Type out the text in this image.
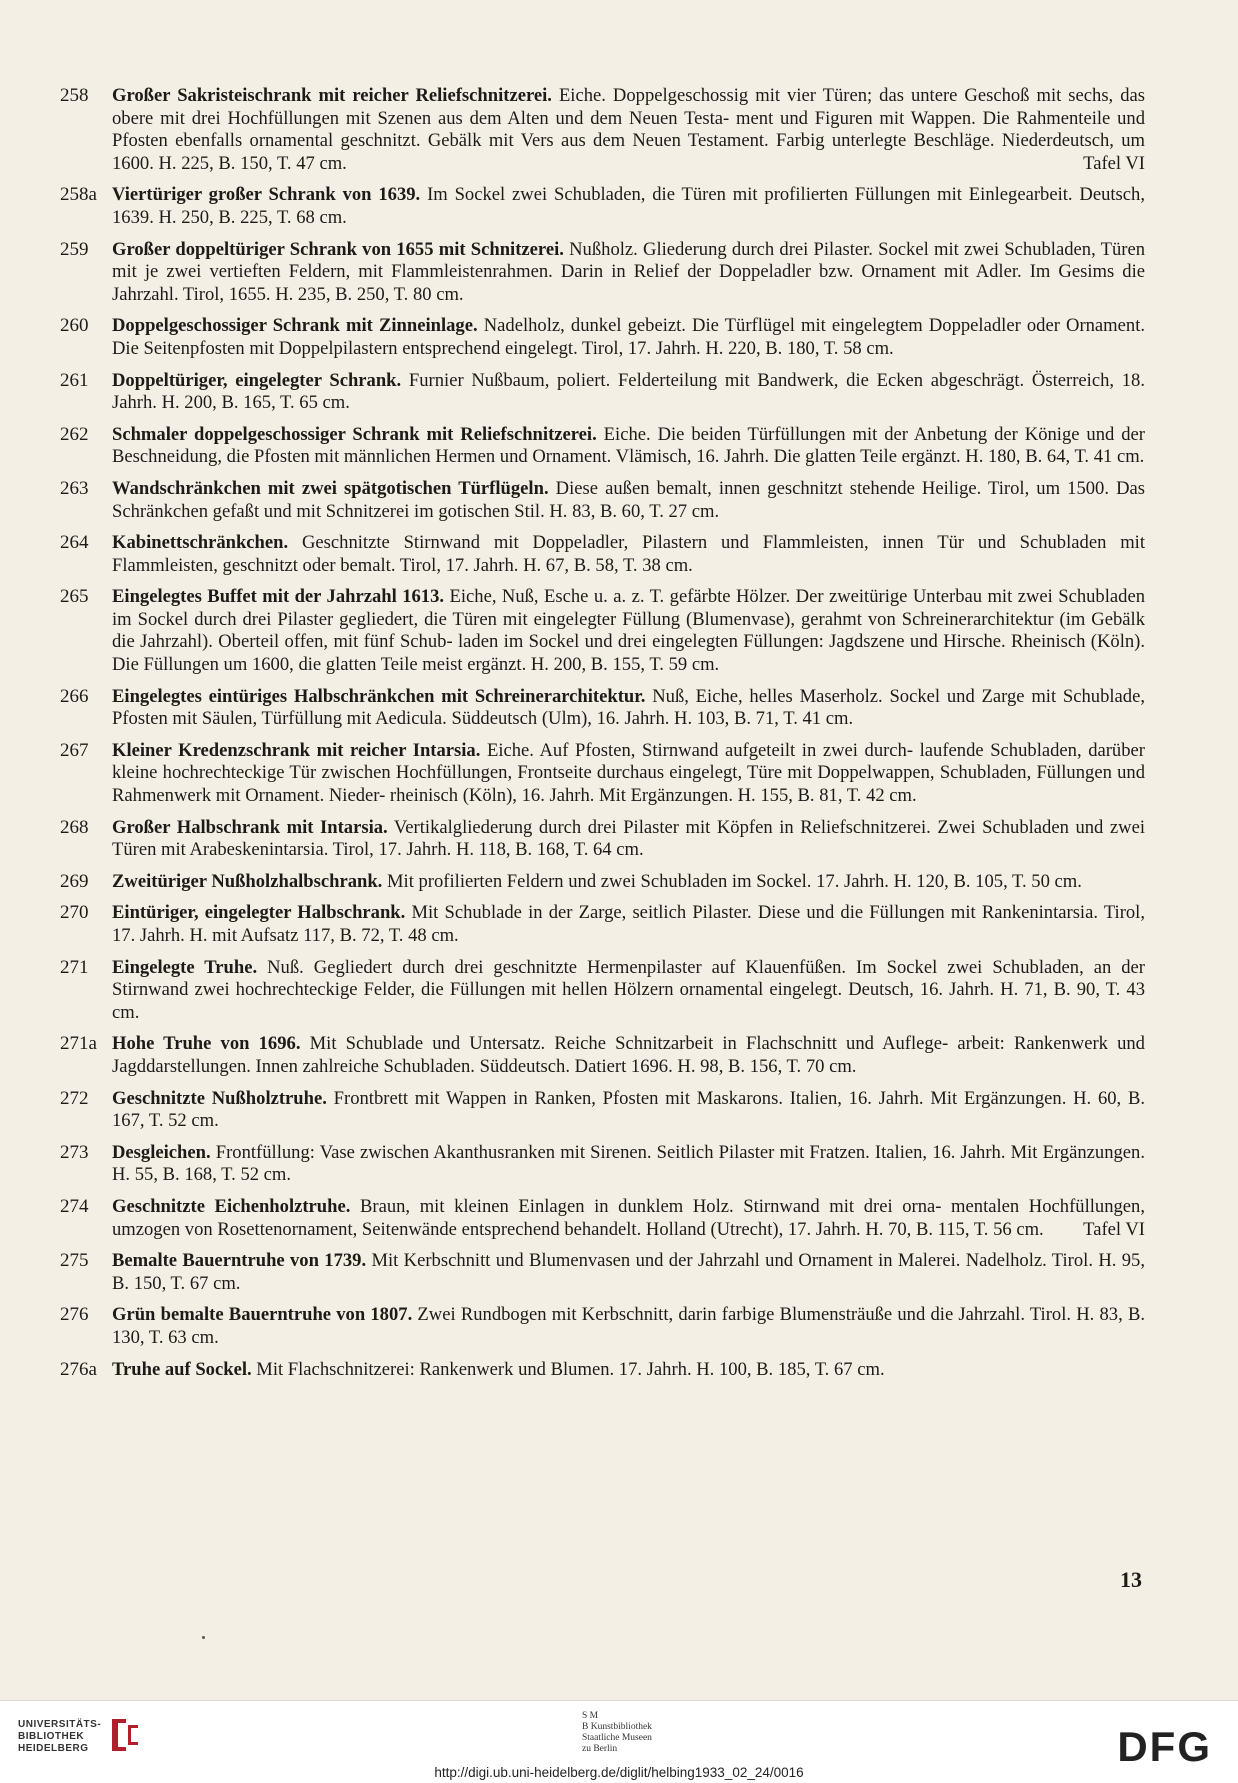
258	Großer Sakristeischrank mit reicher Reliefschnitzerei. Eiche. Doppelgeschossig mit vier Türen; das untere Geschoß mit sechs, das obere mit drei Hochfüllungen mit Szenen aus dem Alten und dem Neuen Testa- ment und Figuren mit Wappen. Die Rahmenteile und Pfosten ebenfalls ornamental geschnitzt. Gebälk mit Vers aus dem Neuen Testament. Farbig unterlegte Beschläge. Niederdeutsch, um 1600. H. 225, B. 150, T. 47 cm.	Tafel VI
258a Viertüriger großer Schrank von 1639. Im Sockel zwei Schubladen, die Türen mit profilierten Füllungen mit Einlegearbeit. Deutsch, 1639. H. 250, B. 225, T. 68 cm.
259	Großer doppeltüriger Schrank von 1655 mit Schnitzerei. Nußholz. Gliederung durch drei Pilaster. Sockel mit zwei Schubladen, Türen mit je zwei vertieften Feldern, mit Flammleistenrahmen. Darin in Relief der Doppeladler bzw. Ornament mit Adler. Im Gesims die Jahrzahl. Tirol, 1655. H. 235, B. 250, T. 80 cm.
260	Doppelgeschossiger Schrank mit Zinneinlage. Nadelholz, dunkel gebeizt. Die Türflügel mit eingelegtem Doppeladler oder Ornament. Die Seitenpfosten mit Doppelpilastern entsprechend eingelegt. Tirol, 17. Jahrh. H. 220, B. 180, T. 58 cm.
261	Doppeltüriger, eingelegter Schrank. Furnier Nußbaum, poliert. Felderteilung mit Bandwerk, die Ecken abgeschrägt. Österreich, 18. Jahrh. H. 200, B. 165, T. 65 cm.
262	Schmaler doppelgeschossiger Schrank mit Reliefschnitzerei. Eiche. Die beiden Türfüllungen mit der Anbetung der Könige und der Beschneidung, die Pfosten mit männlichen Hermen und Ornament. Vlämisch, 16. Jahrh. Die glatten Teile ergänzt. H. 180, B. 64, T. 41 cm.
263	Wandschränkchen mit zwei spätgotischen Türflügeln. Diese außen bemalt, innen geschnitzt stehende Heilige. Tirol, um 1500. Das Schränkchen gefaßt und mit Schnitzerei im gotischen Stil. H. 83, B. 60, T. 27 cm.
264	Kabinettschränkchen. Geschnitzte Stirnwand mit Doppeladler, Pilastern und Flammleisten, innen Tür und Schubladen mit Flammleisten, geschnitzt oder bemalt. Tirol, 17. Jahrh. H. 67, B. 58, T. 38 cm.
265	Eingelegtes Buffet mit der Jahrzahl 1613. Eiche, Nuß, Esche u. a. z. T. gefärbte Hölzer. Der zweitürige Unterbau mit zwei Schubladen im Sockel durch drei Pilaster gegliedert, die Türen mit eingelegter Füllung (Blumenvase), gerahmt von Schreinerarchitektur (im Gebälk die Jahrzahl). Oberteil offen, mit fünf Schub- laden im Sockel und drei eingelegten Füllungen: Jagdszene und Hirsche. Rheinisch (Köln). Die Füllungen um 1600, die glatten Teile meist ergänzt. H. 200, B. 155, T. 59 cm.
266	Eingelegtes eintüriges Halbschränkchen mit Schreinerarchitektur. Nuß, Eiche, helles Maserholz. Sockel und Zarge mit Schublade, Pfosten mit Säulen, Türfüllung mit Aedicula. Süddeutsch (Ulm), 16. Jahrh. H. 103, B. 71, T. 41 cm.
267	Kleiner Kredenzschrank mit reicher Intarsia. Eiche. Auf Pfosten, Stirnwand aufgeteilt in zwei durch- laufende Schubladen, darüber kleine hochrechteckige Tür zwischen Hochfüllungen, Frontseite durchaus eingelegt, Türe mit Doppelwappen, Schubladen, Füllungen und Rahmenwerk mit Ornament. Nieder- rheinisch (Köln), 16. Jahrh. Mit Ergänzungen. H. 155, B. 81, T. 42 cm.
268	Großer Halbschrank mit Intarsia. Vertikalgliederung durch drei Pilaster mit Köpfen in Reliefschnitzerei. Zwei Schubladen und zwei Türen mit Arabeskenintarsia. Tirol, 17. Jahrh. H. 118, B. 168, T. 64 cm.
269	Zweitüriger Nußholzhalbschrank. Mit profilierten Feldern und zwei Schubladen im Sockel. 17. Jahrh. H. 120, B. 105, T. 50 cm.
270	Eintüriger, eingelegter Halbschrank. Mit Schublade in der Zarge, seitlich Pilaster. Diese und die Füllungen mit Rankenintarsia. Tirol, 17. Jahrh. H. mit Aufsatz 117, B. 72, T. 48 cm.
271	Eingelegte Truhe. Nuß. Gegliedert durch drei geschnitzte Hermenpilaster auf Klauenfüßen. Im Sockel zwei Schubladen, an der Stirnwand zwei hochrechteckige Felder, die Füllungen mit hellen Hölzern ornamental eingelegt. Deutsch, 16. Jahrh. H. 71, B. 90, T. 43 cm.
271a Hohe Truhe von 1696. Mit Schublade und Untersatz. Reiche Schnitzarbeit in Flachschnitt und Auflege- arbeit: Rankenwerk und Jagddarstellungen. Innen zahlreiche Schubladen. Süddeutsch. Datiert 1696. H. 98, B. 156, T. 70 cm.
272	Geschnitzte Nußholztruhe. Frontbrett mit Wappen in Ranken, Pfosten mit Maskarons. Italien, 16. Jahrh. Mit Ergänzungen. H. 60, B. 167, T. 52 cm.
273	Desgleichen. Frontfüllung: Vase zwischen Akanthusranken mit Sirenen. Seitlich Pilaster mit Fratzen. Italien, 16. Jahrh. Mit Ergänzungen. H. 55, B. 168, T. 52 cm.
274	Geschnitzte Eichenholztruhe. Braun, mit kleinen Einlagen in dunklem Holz. Stirnwand mit drei orna- mentalen Hochfüllungen, umzogen von Rosettenornament, Seitenwände entsprechend behandelt. Holland (Utrecht), 17. Jahrh. H. 70, B. 115, T. 56 cm. Tafel VI
275	Bemalte Bauerntruhe von 1739. Mit Kerbschnitt und Blumenvasen und der Jahrzahl und Ornament in Malerei. Nadelholz. Tirol. H. 95, B. 150, T. 67 cm.
276	Grün bemalte Bauerntruhe von 1807. Zwei Rundbogen mit Kerbschnitt, darin farbige Blumensträuße und die Jahrzahl. Tirol. H. 83, B. 130, T. 63 cm.
276a Truhe auf Sockel. Mit Flachschnitzerei: Rankenwerk und Blumen. 17. Jahrh. H. 100, B. 185, T. 67 cm.
13
UNIVERSITÄTS-
BIBLIOTHEK
HEIDELBERG
S M
B Kunstbibliothek
Staatliche Museen
zu Berlin	DFG
http://digi.ub.uni-heidelberg.de/diglit/helbing1933_02_24/0016
